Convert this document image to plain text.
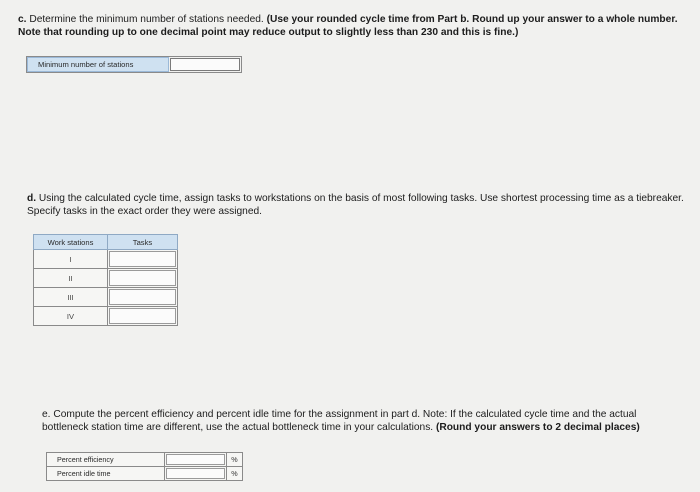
c. Determine the minimum number of stations needed. (Use your rounded cycle time from Part b. Round up your answer to a whole number. Note that rounding up to one decimal point may reduce output to slightly less than 230 and this is fine.)

Minimum number of stations

d. Using the calculated cycle time, assign tasks to workstations on the basis of most following tasks. Use shortest processing time as a tiebreaker. Specify tasks in the exact order they were assigned.

Work stations	Tasks
I	

II	

III	

IV	

e. Compute the percent efficiency and percent idle time for the assignment in part d. Note: If the calculated cycle time and the actual bottleneck station time are different, use the actual bottleneck time in your calculations. (Round your answers to 2 decimal places)

Percent efficiency		%
Percent idle time		%
